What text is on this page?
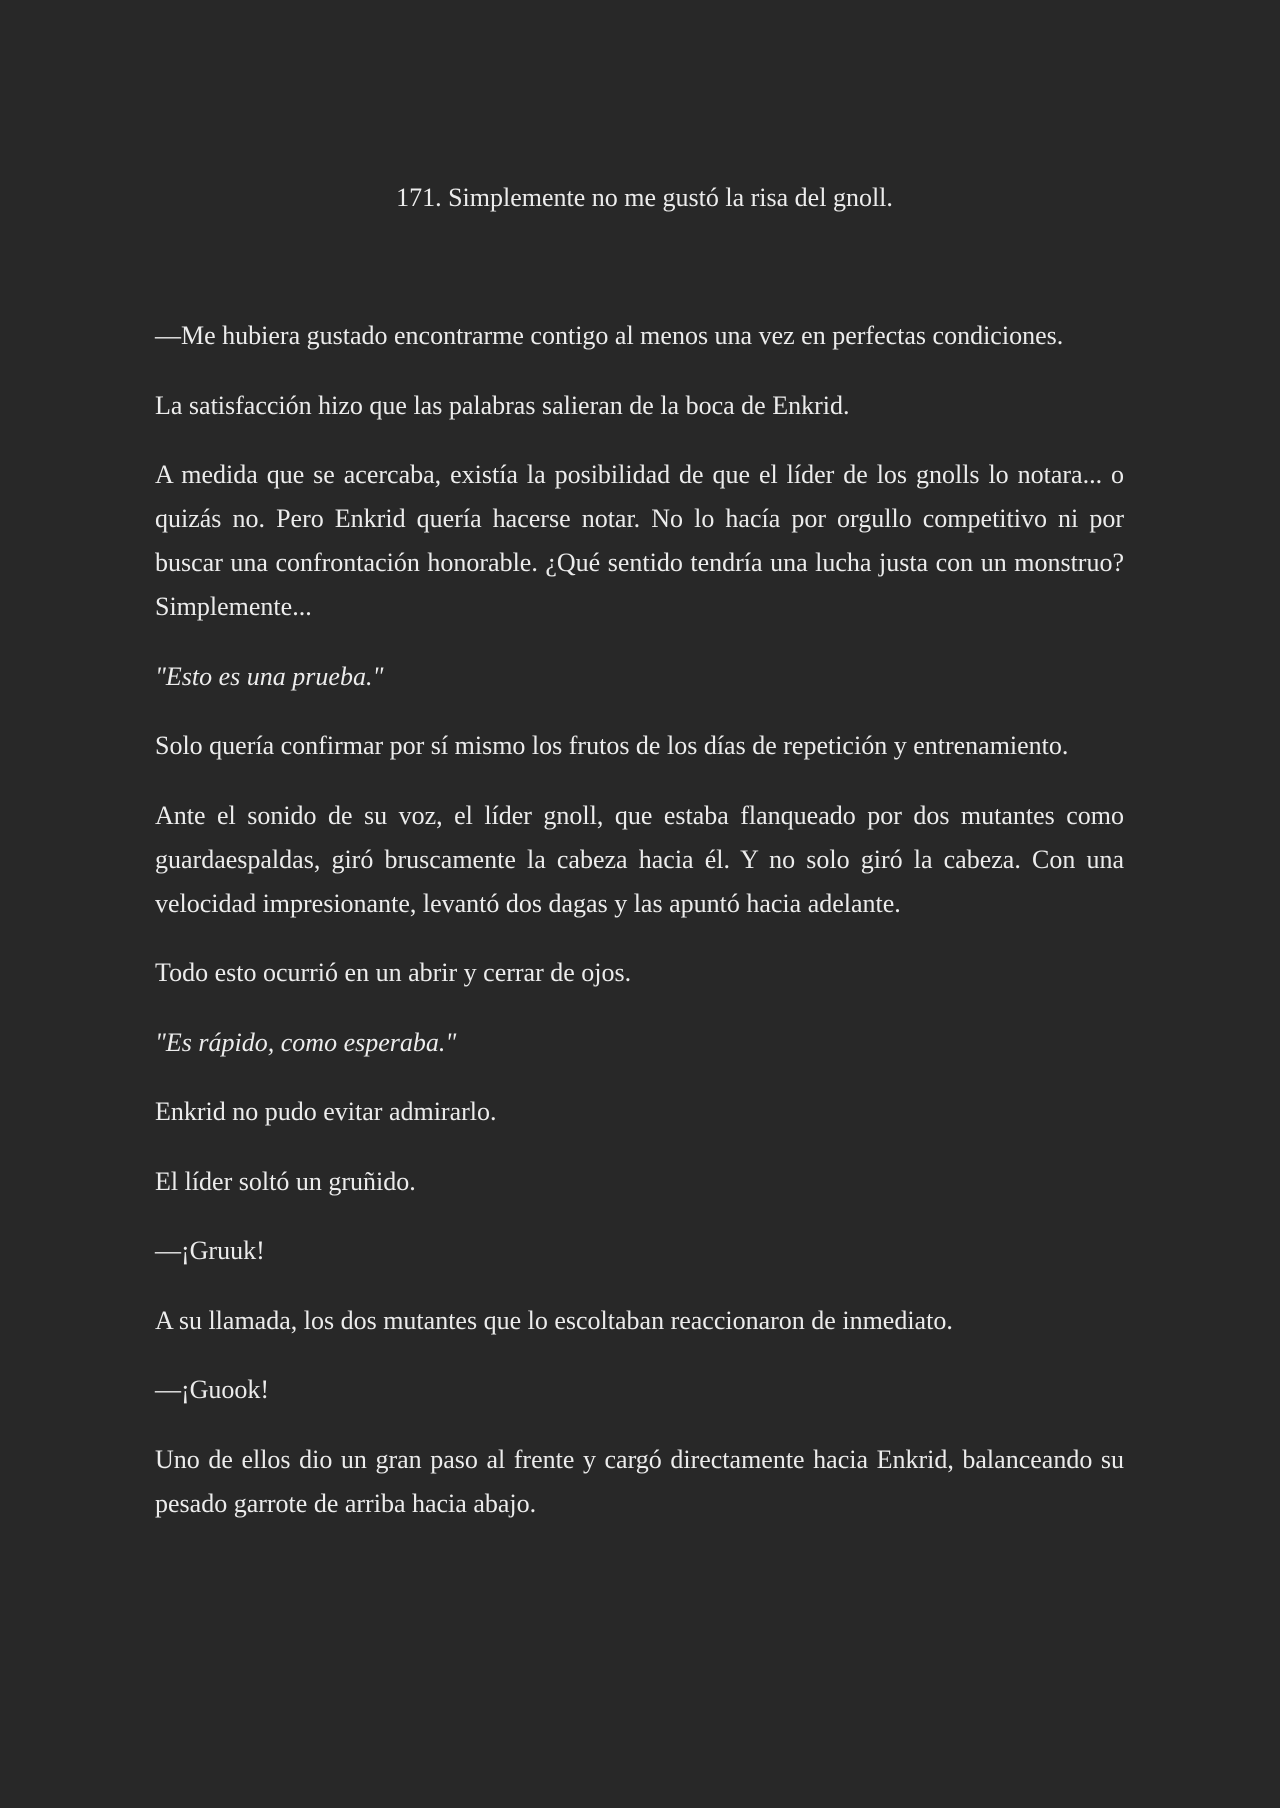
171. Simplemente no me gustó la risa del gnoll.

—Me hubiera gustado encontrarme contigo al menos una vez en perfectas condiciones.

La satisfacción hizo que las palabras salieran de la boca de Enkrid.

A medida que se acercaba, existía la posibilidad de que el líder de los gnolls lo notara... o quizás no. Pero Enkrid quería hacerse notar. No lo hacía por orgullo competitivo ni por buscar una confrontación honorable. ¿Qué sentido tendría una lucha justa con un monstruo? Simplemente...

"Esto es una prueba."

Solo quería confirmar por sí mismo los frutos de los días de repetición y entrenamiento.

Ante el sonido de su voz, el líder gnoll, que estaba flanqueado por dos mutantes como guardaespaldas, giró bruscamente la cabeza hacia él. Y no solo giró la cabeza. Con una velocidad impresionante, levantó dos dagas y las apuntó hacia adelante.

Todo esto ocurrió en un abrir y cerrar de ojos.

"Es rápido, como esperaba."

Enkrid no pudo evitar admirarlo.

El líder soltó un gruñido.

—¡Gruuk!

A su llamada, los dos mutantes que lo escoltaban reaccionaron de inmediato.

—¡Guook!

Uno de ellos dio un gran paso al frente y cargó directamente hacia Enkrid, balanceando su pesado garrote de arriba hacia abajo.
